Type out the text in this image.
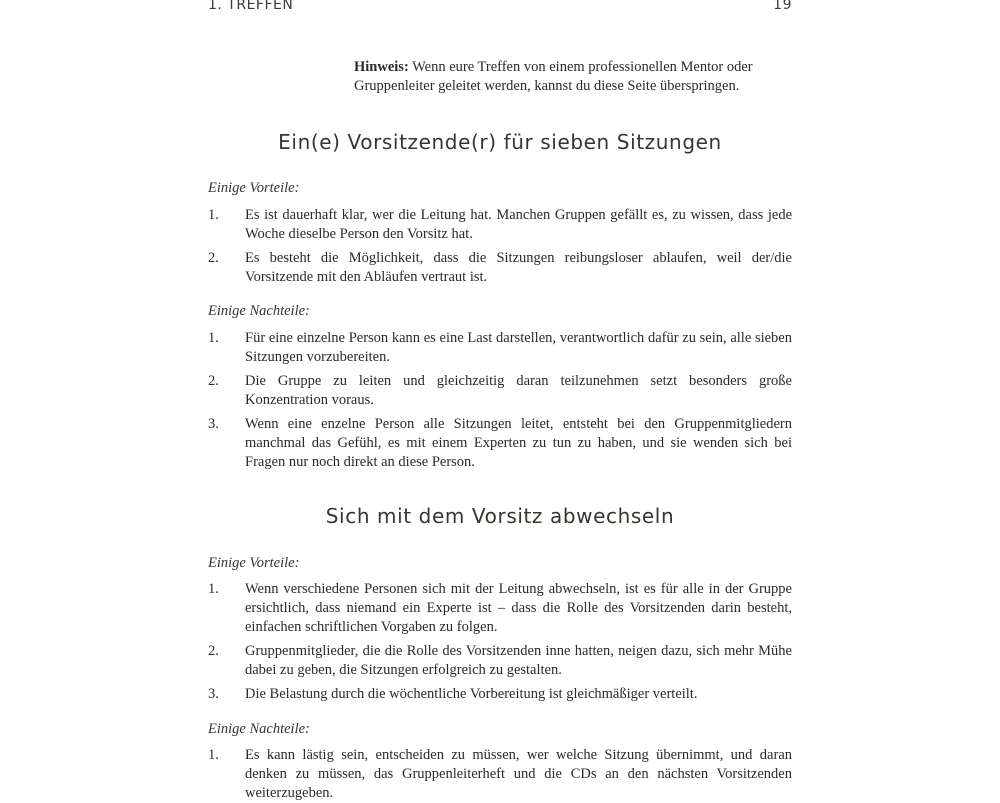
1. TREFFEN	19
Hinweis: Wenn eure Treffen von einem professionellen Mentor oder Gruppenleiter geleitet werden, kannst du diese Seite überspringen.
Ein(e) Vorsitzende(r) für sieben Sitzungen
Einige Vorteile:
1. Es ist dauerhaft klar, wer die Leitung hat. Manchen Gruppen gefällt es, zu wissen, dass jede Woche dieselbe Person den Vorsitz hat.
2. Es besteht die Möglichkeit, dass die Sitzungen reibungsloser ablaufen, weil der/die Vorsitzende mit den Abläufen vertraut ist.
Einige Nachteile:
1. Für eine einzelne Person kann es eine Last darstellen, verantwortlich dafür zu sein, alle sieben Sitzungen vorzubereiten.
2. Die Gruppe zu leiten und gleichzeitig daran teilzunehmen setzt besonders große Konzentration voraus.
3. Wenn eine enzelne Person alle Sitzungen leitet, entsteht bei den Gruppenmitgliedern manchmal das Gefühl, es mit einem Experten zu tun zu haben, und sie wenden sich bei Fragen nur noch direkt an diese Person.
Sich mit dem Vorsitz abwechseln
Einige Vorteile:
1. Wenn verschiedene Personen sich mit der Leitung abwechseln, ist es für alle in der Gruppe ersichtlich, dass niemand ein Experte ist – dass die Rolle des Vorsitzenden darin besteht, einfachen schriftlichen Vorgaben zu folgen.
2. Gruppenmitglieder, die die Rolle des Vorsitzenden inne hatten, neigen dazu, sich mehr Mühe dabei zu geben, die Sitzungen erfolgreich zu gestalten.
3. Die Belastung durch die wöchentliche Vorbereitung ist gleichmäßiger verteilt.
Einige Nachteile:
1. Es kann lästig sein, entscheiden zu müssen, wer welche Sitzung übernimmt, und daran denken zu müssen, das Gruppenleiterheft und die CDs an den nächsten Vorsitzenden weiterzugeben.
